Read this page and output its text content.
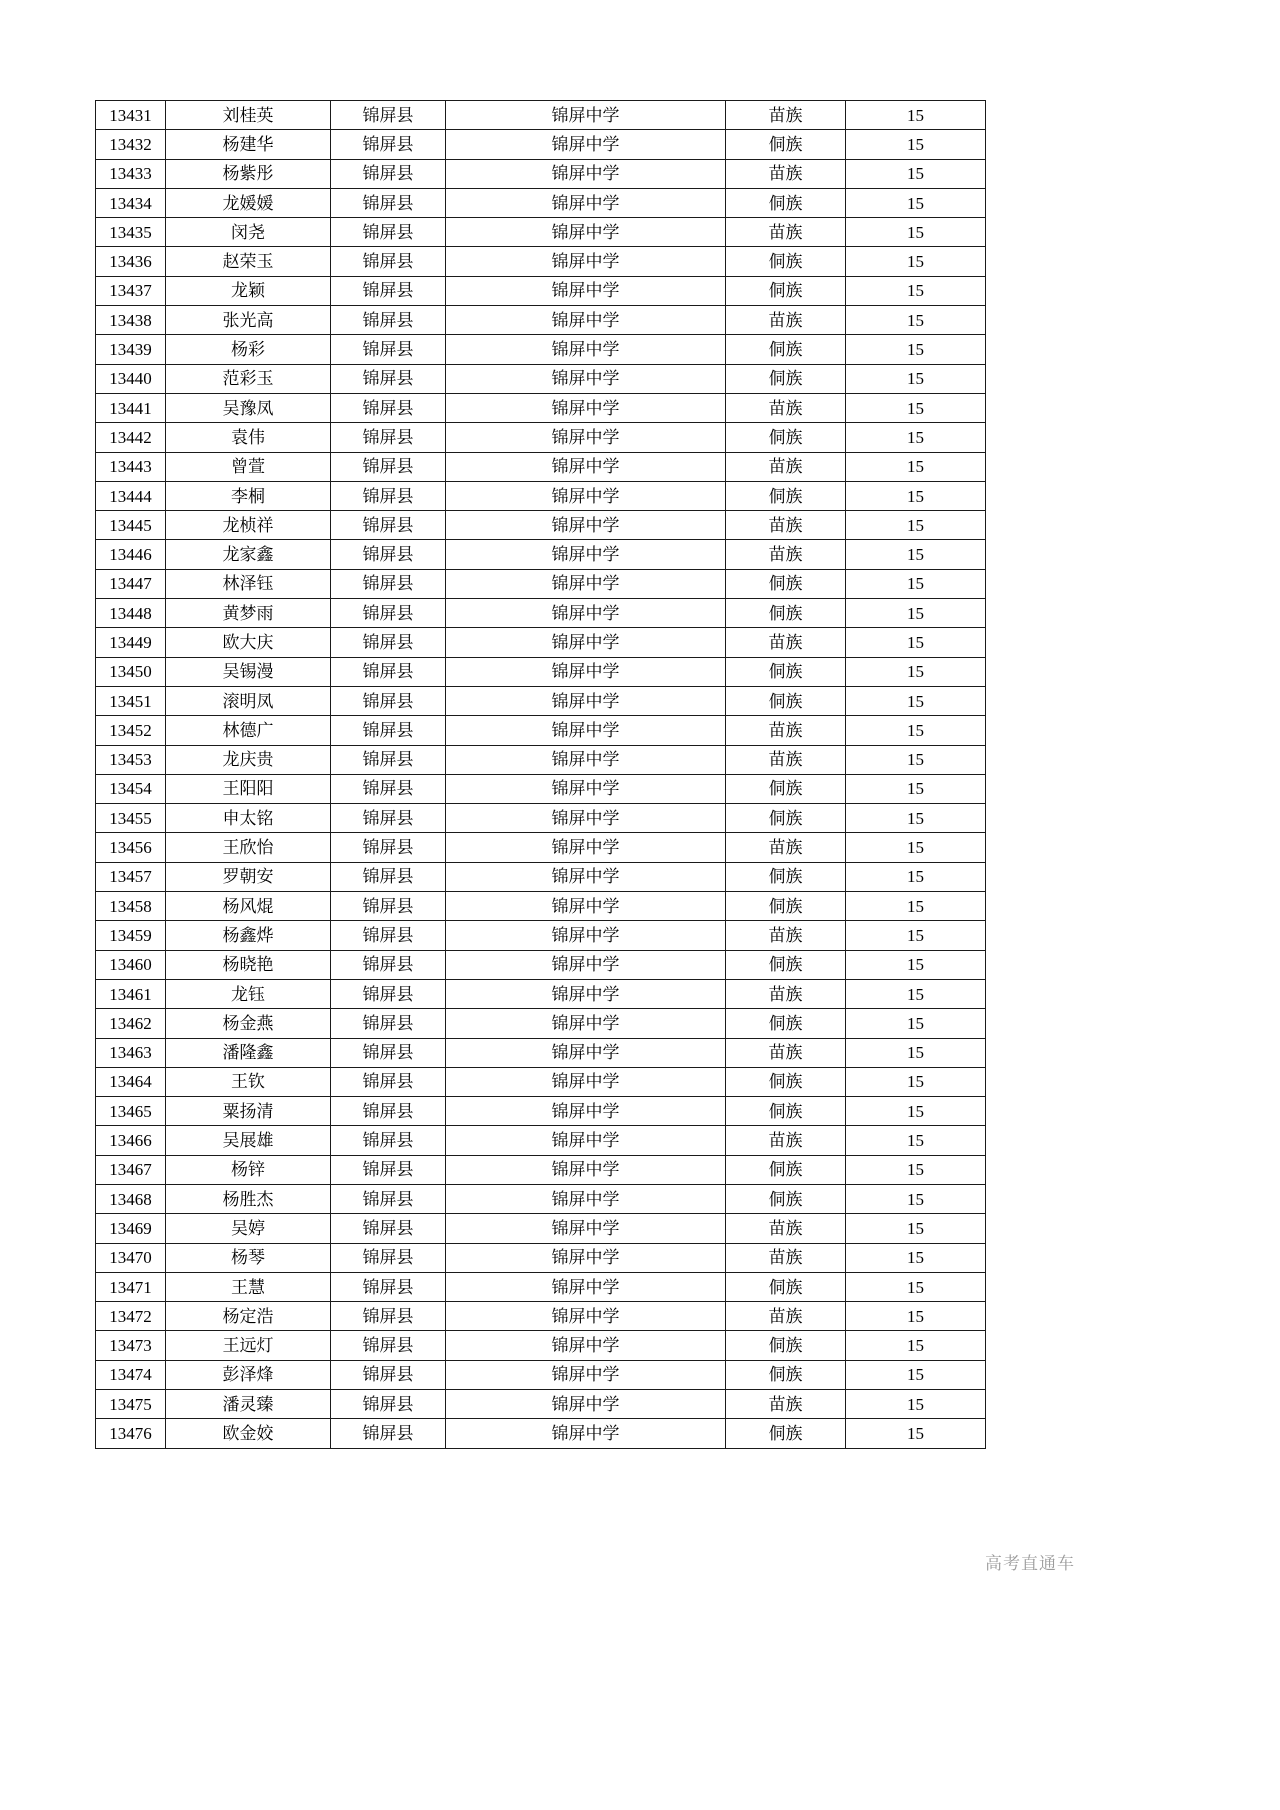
13431	刘桂英	锦屏县	锦屏中学	苗族	15
13432	杨建华	锦屏县	锦屏中学	侗族	15
13433	杨紫彤	锦屏县	锦屏中学	苗族	15
13434	龙媛媛	锦屏县	锦屏中学	侗族	15
13435	闵尧	锦屏县	锦屏中学	苗族	15
13436	赵荣玉	锦屏县	锦屏中学	侗族	15
13437	龙颖	锦屏县	锦屏中学	侗族	15
13438	张光高	锦屏县	锦屏中学	苗族	15
13439	杨彩	锦屏县	锦屏中学	侗族	15
13440	范彩玉	锦屏县	锦屏中学	侗族	15
13441	吴豫凤	锦屏县	锦屏中学	苗族	15
13442	袁伟	锦屏县	锦屏中学	侗族	15
13443	曾萱	锦屏县	锦屏中学	苗族	15
13444	李桐	锦屏县	锦屏中学	侗族	15
13445	龙桢祥	锦屏县	锦屏中学	苗族	15
13446	龙家鑫	锦屏县	锦屏中学	苗族	15
13447	林泽钰	锦屏县	锦屏中学	侗族	15
13448	黄梦雨	锦屏县	锦屏中学	侗族	15
13449	欧大庆	锦屏县	锦屏中学	苗族	15
13450	吴锡漫	锦屏县	锦屏中学	侗族	15
13451	滚明凤	锦屏县	锦屏中学	侗族	15
13452	林德广	锦屏县	锦屏中学	苗族	15
13453	龙庆贵	锦屏县	锦屏中学	苗族	15
13454	王阳阳	锦屏县	锦屏中学	侗族	15
13455	申太铭	锦屏县	锦屏中学	侗族	15
13456	王欣怡	锦屏县	锦屏中学	苗族	15
13457	罗朝安	锦屏县	锦屏中学	侗族	15
13458	杨风焜	锦屏县	锦屏中学	侗族	15
13459	杨鑫烨	锦屏县	锦屏中学	苗族	15
13460	杨晓艳	锦屏县	锦屏中学	侗族	15
13461	龙钰	锦屏县	锦屏中学	苗族	15
13462	杨金燕	锦屏县	锦屏中学	侗族	15
13463	潘隆鑫	锦屏县	锦屏中学	苗族	15
13464	王钦	锦屏县	锦屏中学	侗族	15
13465	粟扬清	锦屏县	锦屏中学	侗族	15
13466	吴展雄	锦屏县	锦屏中学	苗族	15
13467	杨锌	锦屏县	锦屏中学	侗族	15
13468	杨胜杰	锦屏县	锦屏中学	侗族	15
13469	吴婷	锦屏县	锦屏中学	苗族	15
13470	杨琴	锦屏县	锦屏中学	苗族	15
13471	王慧	锦屏县	锦屏中学	侗族	15
13472	杨定浩	锦屏县	锦屏中学	苗族	15
13473	王远灯	锦屏县	锦屏中学	侗族	15
13474	彭泽烽	锦屏县	锦屏中学	侗族	15
13475	潘灵臻	锦屏县	锦屏中学	苗族	15
13476	欧金姣	锦屏县	锦屏中学	侗族	15
高考直通车
